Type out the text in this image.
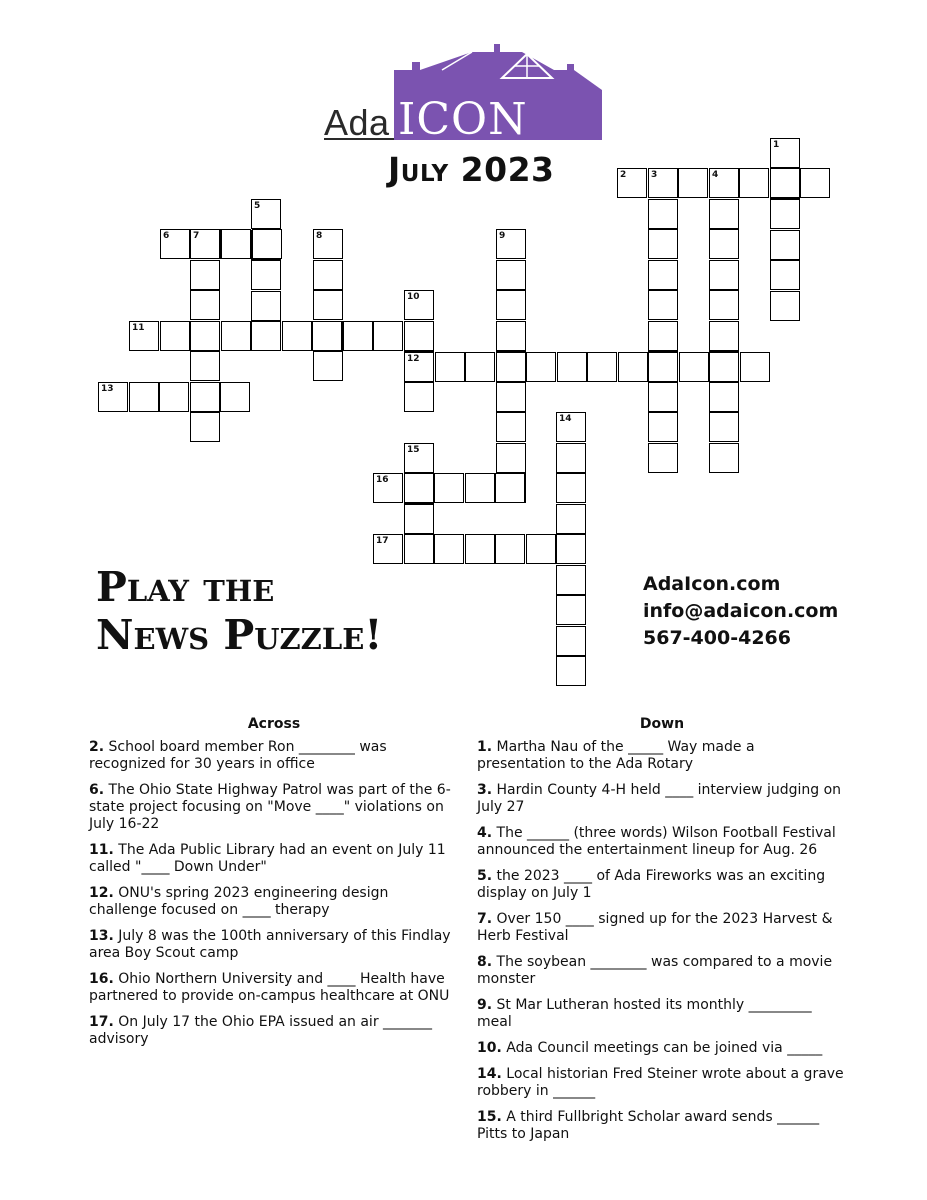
Ada ICON
July 2023
1
2	3	4
5
6	7	8	9
10
11
12
13
14
15
16
17
Play the
News Puzzle!
AdaIcon.com
info@adaicon.com
567-400-4266
Across
2. School board member Ron ________ was recognized for 30 years in office
6. The Ohio State Highway Patrol was part of the 6-state project focusing on "Move ____" violations on July 16-22
11. The Ada Public Library had an event on July 11 called "____ Down Under"
12. ONU's spring 2023 engineering design challenge focused on ____ therapy
13. July 8 was the 100th anniversary of this Findlay area Boy Scout camp
16. Ohio Northern University and ____ Health have partnered to provide on-campus healthcare at ONU
17. On July 17 the Ohio EPA issued an air _______ advisory
Down
1. Martha Nau of the _____ Way made a presentation to the Ada Rotary
3. Hardin County 4-H held ____ interview judging on July 27
4. The ______ (three words) Wilson Football Festival announced the entertainment lineup for Aug. 26
5. the 2023 ____ of Ada Fireworks was an exciting display on July 1
7. Over 150 ____ signed up for the 2023 Harvest & Herb Festival
8. The soybean ________ was compared to a movie monster
9. St Mar Lutheran hosted its monthly _________ meal
10. Ada Council meetings can be joined via _____
14. Local historian Fred Steiner wrote about a grave robbery in ______
15. A third Fullbright Scholar award sends ______ Pitts to Japan
